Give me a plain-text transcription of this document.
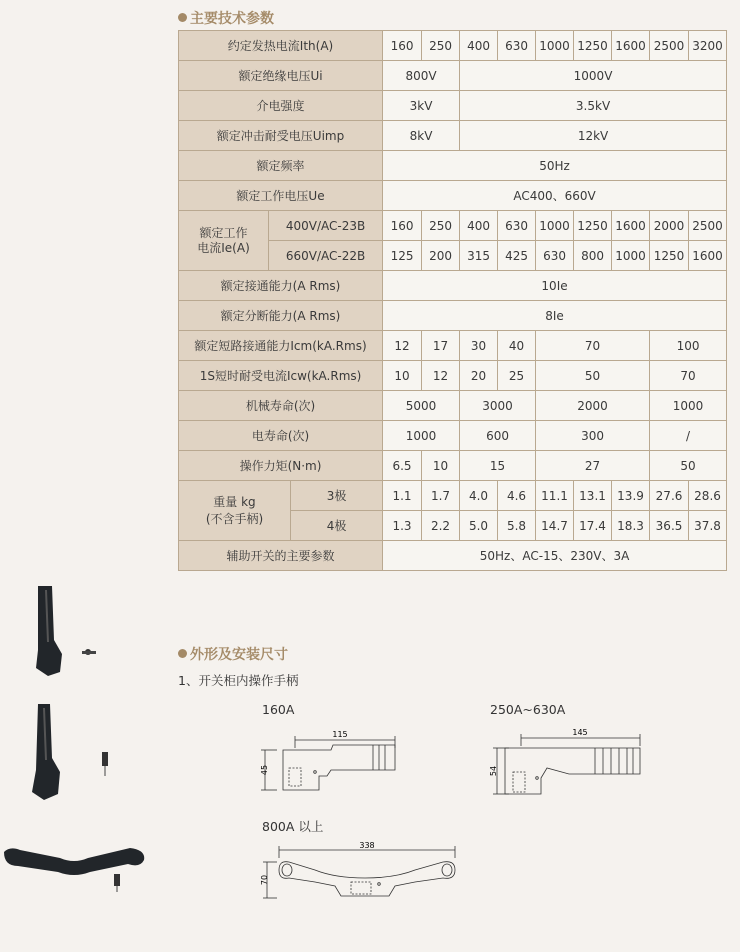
主要技术参数
约定发热电流Ith(A)			160	250	400	630	1000	1250	1600	2500	3200
额定绝缘电压Ui			800V		1000V						
介电强度			3kV		3.5kV						
额定冲击耐受电压Uimp			8kV		12kV						
额定频率			50Hz								
额定工作电压Ue			AC400、660V								
额定工作电流Ie(A)	400V/AC-23B		160	250	400	630	1000	1250	1600	2000	2500
	660V/AC-22B		125	200	315	425	630	800	1000	1250	1600
额定接通能力(A Rms)			10Ie								
额定分断能力(A Rms)			8Ie								
额定短路接通能力Icm(kA.Rms)			12	17	30	40	70			100	
1S短时耐受电流Icw(kA.Rms)			10	12	20	25	50			70	
机械寿命(次)			5000		3000		2000			1000	
电寿命(次)			1000		600		300			/	
操作力矩(N·m)			6.5	10	15		27			50	

重量 kg
(不含手柄)		3极	1.1	1.7	4.0	4.6	11.1	13.1	13.9	27.6	28.6
		4极	1.3	2.2	5.0	5.8	14.7	17.4	18.3	36.5	37.8
辅助开关的主要参数			50Hz、AC-15、230V、3A								
外形及安装尺寸
1、开关柜内操作手柄
160A	250A~630A
800A 以上
115
45
145
54
338
70
